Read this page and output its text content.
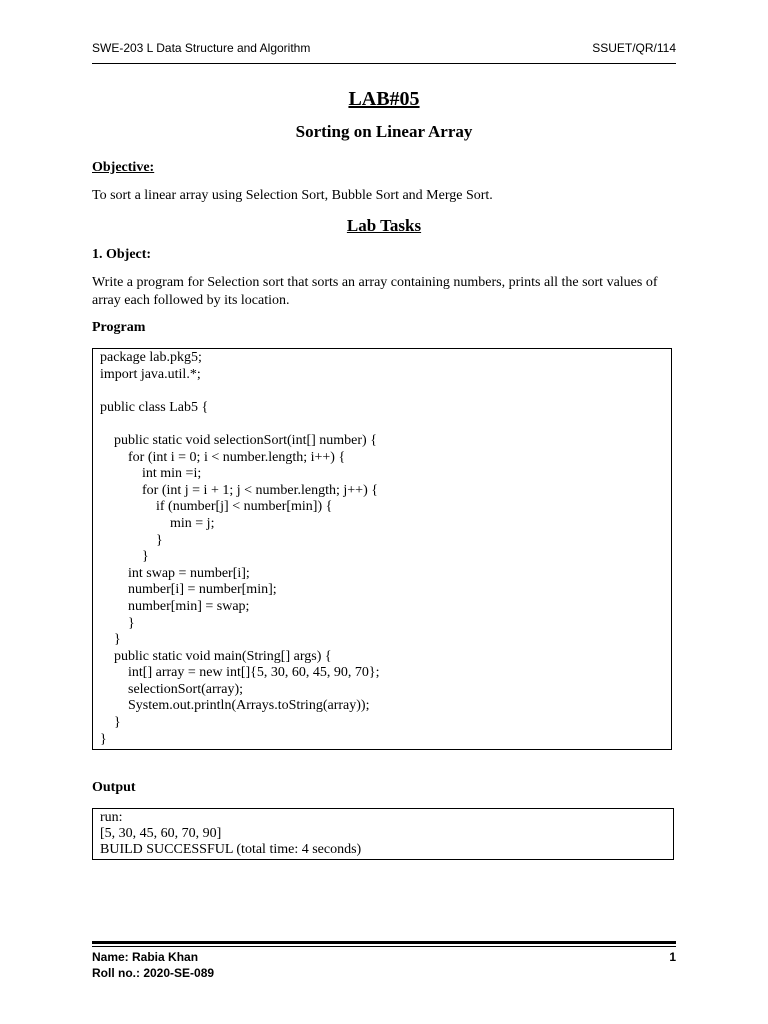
SWE-203 L Data Structure and Algorithm	SSUET/QR/114
LAB#05
Sorting on Linear Array
Objective:
To sort a linear array using Selection Sort, Bubble Sort and Merge Sort.
Lab Tasks
1. Object:
Write a program for Selection sort that sorts an array containing numbers, prints all the sort values of array each followed by its location.
Program
package lab.pkg5;
import java.util.*;
public class Lab5 {
public static void selectionSort(int[] number) {
for (int i = 0; i < number.length; i++) {
int min =i;
for (int j = i + 1; j < number.length; j++) {
if (number[j] < number[min]) {
min = j;
}
}
int swap = number[i];
number[i] = number[min];
number[min] = swap;
}
}
public static void main(String[] args) {
int[] array = new int[]{5, 30, 60, 45, 90, 70};
selectionSort(array);
System.out.println(Arrays.toString(array));
}
}
Output
run:
[5, 30, 45, 60, 70, 90]
BUILD SUCCESSFUL (total time: 4 seconds)
Name: Rabia Khan	1
Roll no.: 2020-SE-089
